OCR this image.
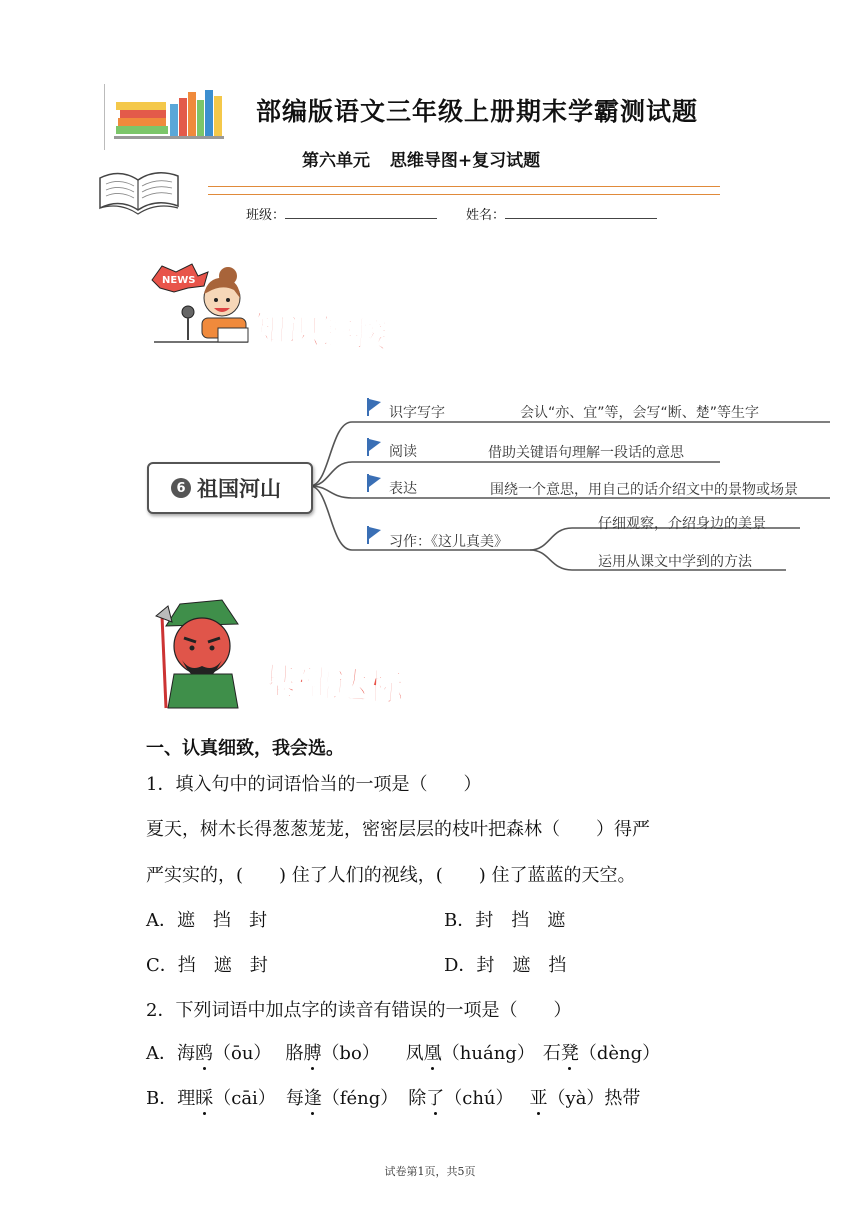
部编版语文三年级上册期末学霸测试题
第六单元 思维导图+复习试题
班级：	姓名：
NEWS
知识链接
6 祖国河山
识字写字	会认“亦、宜”等，会写“断、楚”等生字
阅读	借助关键语句理解一段话的意思
表达	围绕一个意思，用自己的话介绍文中的景物或场景
习作：《这儿真美》
仔细观察，介绍身边的美景
运用从课文中学到的方法
基础达标
一、认真细致，我会选。
1．填入句中的词语恰当的一项是（　　）
夏天，树木长得葱葱茏茏，密密层层的枝叶把森林（　　）得严
严实实的，(　　) 住了人们的视线，(　　) 住了蓝蓝的天空。
A．遮　挡　封	B．封　挡　遮
C．挡　遮　封	D．封　遮　挡
2．下列词语中加点字的读音有错误的一项是（　　）
A．海鸥（ōu） 胳膊（bo） 凤凰（huáng） 石凳（dèng）
B．理睬（cāi） 每逢（féng） 除了（chú） 亚（yà）热带
试卷第1页，共5页
